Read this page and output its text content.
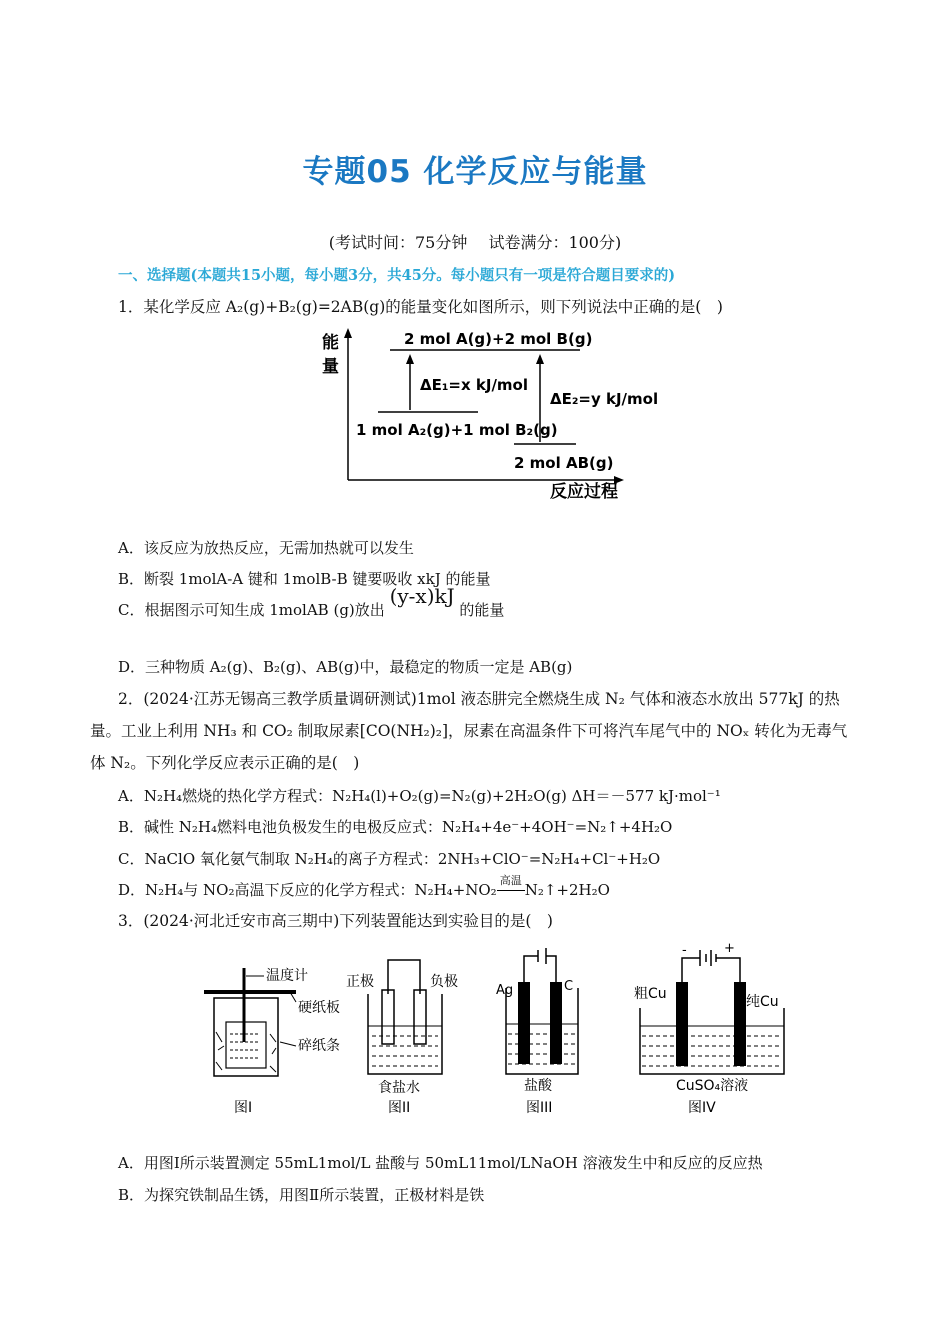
专题05 化学反应与能量
(考试时间：75分钟　 试卷满分：100分)
一、选择题(本题共15小题，每小题3分，共45分。每小题只有一项是符合题目要求的)
1．某化学反应 A₂(g)+B₂(g)=2AB(g)的能量变化如图所示，则下列说法中正确的是(　)
能
量
反应过程
2 mol A(g)+2 mol B(g)
1 mol A₂(g)+1 mol B₂(g)
2 mol AB(g)
ΔE₁=x kJ/mol
ΔE₂=y kJ/mol
A．该反应为放热反应，无需加热就可以发生
B．断裂 1molA-A 键和 1molB-B 键要吸收 xkJ 的能量
C．根据图示可知生成 1molAB (g)放出 (y-x)kJ 的能量
D．三种物质 A₂(g)、B₂(g)、AB(g)中，最稳定的物质一定是 AB(g)
2．(2024·江苏无锡高三教学质量调研测试)1mol 液态肼完全燃烧生成 N₂ 气体和液态水放出 577kJ 的热
量。工业上利用 NH₃ 和 CO₂ 制取尿素[CO(NH₂)₂]，尿素在高温条件下可将汽车尾气中的 NOₓ 转化为无毒气
体 N₂。下列化学反应表示正确的是(　)
A．N₂H₄燃烧的热化学方程式：N₂H₄(l)+O₂(g)=N₂(g)+2H₂O(g) ΔH＝－577 kJ·mol⁻¹
B．碱性 N₂H₄燃料电池负极发生的电极反应式：N₂H₄+4e⁻+4OH⁻=N₂↑+4H₂O
C．NaClO 氧化氨气制取 N₂H₄的离子方程式：2NH₃+ClO⁻=N₂H₄+Cl⁻+H₂O
D．N₂H₄与 NO₂高温下反应的化学方程式：N₂H₄+NO₂
高温
N₂↑+2H₂O
3．(2024·河北迁安市高三期中)下列装置能达到实验目的是(　)
温度计
硬纸板
碎纸条
图I
正极	负极
食盐水
图II
Ag	C
盐酸
图III
-	+
粗Cu	纯Cu
CuSO₄溶液
图IV
A．用图Ⅰ所示装置测定 55mL1mol/L 盐酸与 50mL11mol/LNaOH 溶液发生中和反应的反应热
B．为探究铁制品生锈，用图Ⅱ所示装置，正极材料是铁
